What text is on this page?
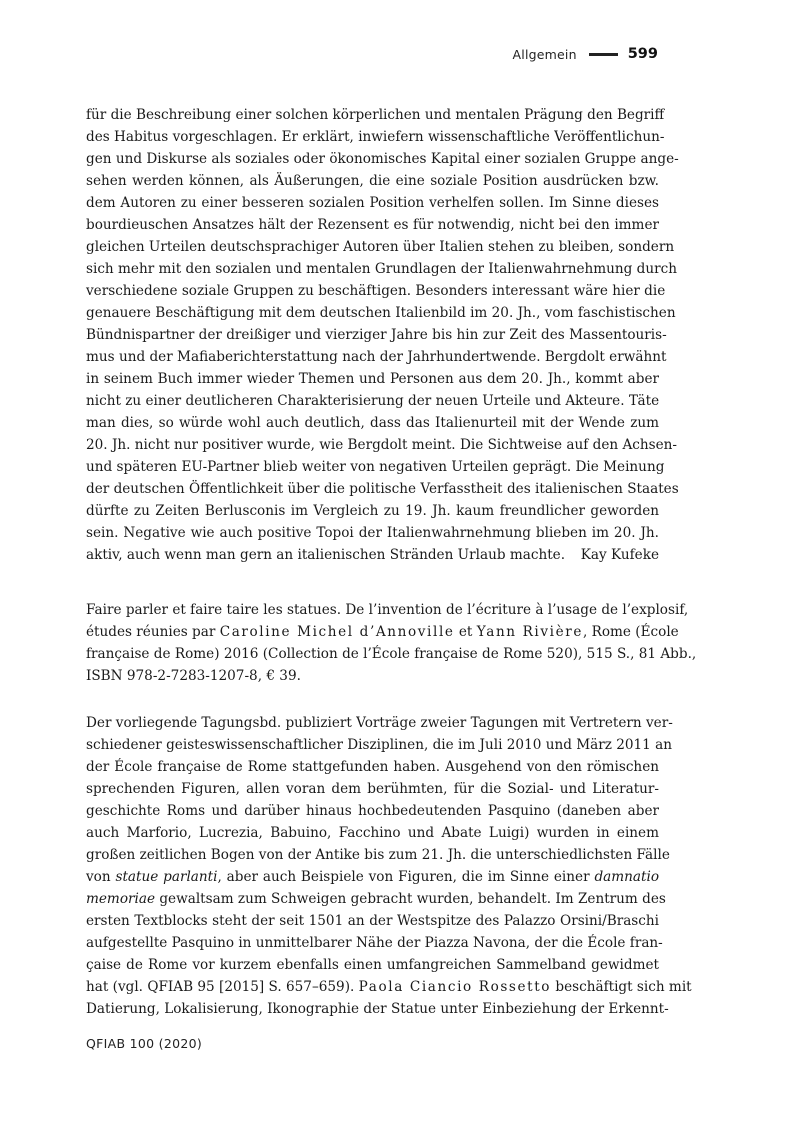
Allgemein	599
für die Beschreibung einer solchen körperlichen und mentalen Prägung den Begriff
des Habitus vorgeschlagen. Er erklärt, inwiefern wissenschaftliche Veröffentlichun-
gen und Diskurse als soziales oder ökonomisches Kapital einer sozialen Gruppe ange-
sehen werden können, als Äußerungen, die eine soziale Position ausdrücken bzw.
dem Autoren zu einer besseren sozialen Position verhelfen sollen. Im Sinne dieses
bourdieuschen Ansatzes hält der Rezensent es für notwendig, nicht bei den immer
gleichen Urteilen deutschsprachiger Autoren über Italien stehen zu bleiben, sondern
sich mehr mit den sozialen und mentalen Grundlagen der Italienwahrnehmung durch
verschiedene soziale Gruppen zu beschäftigen. Besonders interessant wäre hier die
genauere Beschäftigung mit dem deutschen Italienbild im 20. Jh., vom faschistischen
Bündnispartner der dreißiger und vierziger Jahre bis hin zur Zeit des Massentouris-
mus und der Mafiaberichterstattung nach der Jahrhundertwende. Bergdolt erwähnt
in seinem Buch immer wieder Themen und Personen aus dem 20. Jh., kommt aber
nicht zu einer deutlicheren Charakterisierung der neuen Urteile und Akteure. Täte
man dies, so würde wohl auch deutlich, dass das Italienurteil mit der Wende zum
20. Jh. nicht nur positiver wurde, wie Bergdolt meint. Die Sichtweise auf den Achsen-
und späteren EU-Partner blieb weiter von negativen Urteilen geprägt. Die Meinung
der deutschen Öffentlichkeit über die politische Verfasstheit des italienischen Staates
dürfte zu Zeiten Berlusconis im Vergleich zu 19. Jh. kaum freundlicher geworden
sein. Negative wie auch positive Topoi der Italienwahrnehmung blieben im 20. Jh.
aktiv, auch wenn man gern an italienischen Stränden Urlaub machte. Kay Kufeke
Faire parler et faire taire les statues. De l’invention de l’écriture à l’usage de l’explosif,
études réunies par Caroline Michel d’Annoville et Yann Rivière, Rome (École
française de Rome) 2016 (Collection de l’École française de Rome 520), 515 S., 81 Abb.,
ISBN 978-2-7283-1207-8, € 39.
Der vorliegende Tagungsbd. publiziert Vorträge zweier Tagungen mit Vertretern ver-
schiedener geisteswissenschaftlicher Disziplinen, die im Juli 2010 und März 2011 an
der École française de Rome stattgefunden haben. Ausgehend von den römischen
sprechenden Figuren, allen voran dem berühmten, für die Sozial- und Literatur-
geschichte Roms und darüber hinaus hochbedeutenden Pasquino (daneben aber
auch Marforio, Lucrezia, Babuino, Facchino und Abate Luigi) wurden in einem
großen zeitlichen Bogen von der Antike bis zum 21. Jh. die unterschiedlichsten Fälle
von statue parlanti, aber auch Beispiele von Figuren, die im Sinne einer damnatio
memoriae gewaltsam zum Schweigen gebracht wurden, behandelt. Im Zentrum des
ersten Textblocks steht der seit 1501 an der Westspitze des Palazzo Orsini/Braschi
aufgestellte Pasquino in unmittelbarer Nähe der Piazza Navona, der die École fran-
çaise de Rome vor kurzem ebenfalls einen umfangreichen Sammelband gewidmet
hat (vgl. QFIAB 95 [2015] S. 657–659). Paola Ciancio Rossetto beschäftigt sich mit
Datierung, Lokalisierung, Ikonographie der Statue unter Einbeziehung der Erkennt-
QFIAB 100 (2020)
